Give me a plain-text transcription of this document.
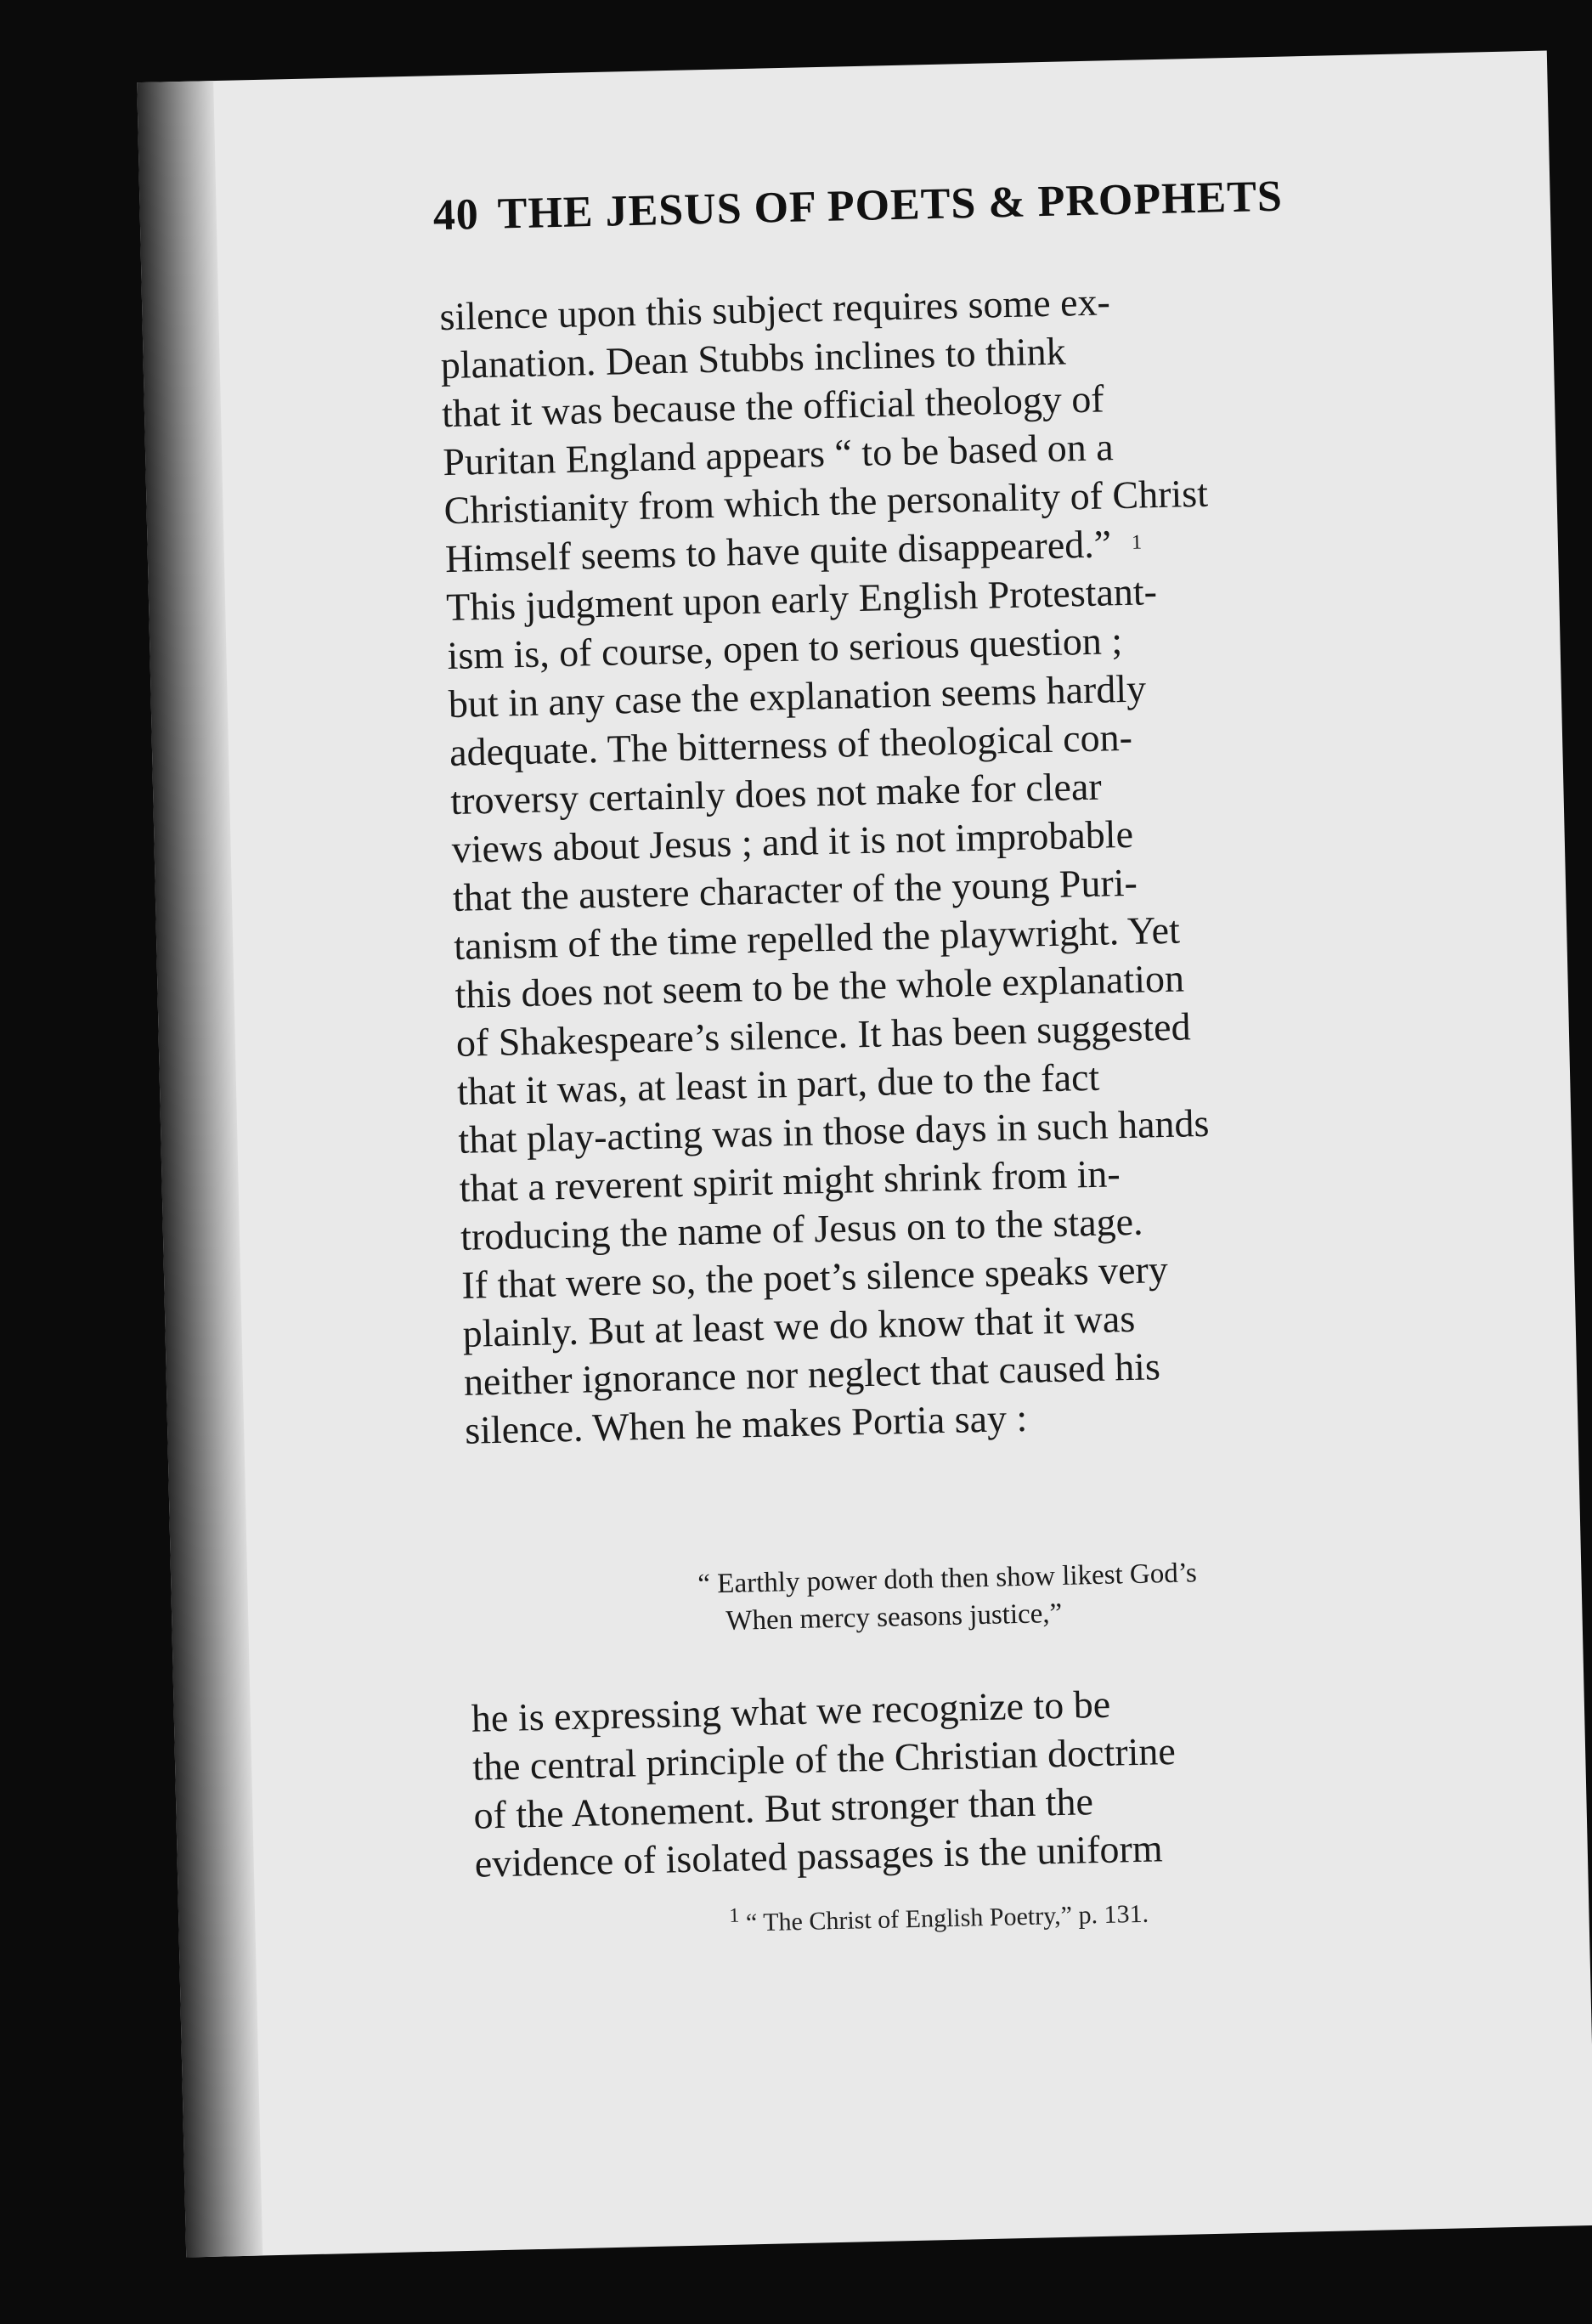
40 THE JESUS OF POETS & PROPHETS
silence upon this subject requires some ex-
planation. Dean Stubbs inclines to think
that it was because the official theology of
Puritan England appears “ to be based on a
Christianity from which the personality of Christ
Himself seems to have quite disappeared.” 1
This judgment upon early English Protestant-
ism is, of course, open to serious question ;
but in any case the explanation seems hardly
adequate. The bitterness of theological con-
troversy certainly does not make for clear
views about Jesus ; and it is not improbable
that the austere character of the young Puri-
tanism of the time repelled the playwright. Yet
this does not seem to be the whole explanation
of Shakespeare’s silence. It has been suggested
that it was, at least in part, due to the fact
that play-acting was in those days in such hands
that a reverent spirit might shrink from in-
troducing the name of Jesus on to the stage.
If that were so, the poet’s silence speaks very
plainly. But at least we do know that it was
neither ignorance nor neglect that caused his
silence. When he makes Portia say :
“ Earthly power doth then show likest God’s
When mercy seasons justice,”
he is expressing what we recognize to be
the central principle of the Christian doctrine
of the Atonement. But stronger than the
evidence of isolated passages is the uniform
$^1$ “ The Christ of English Poetry,” p. 131.
